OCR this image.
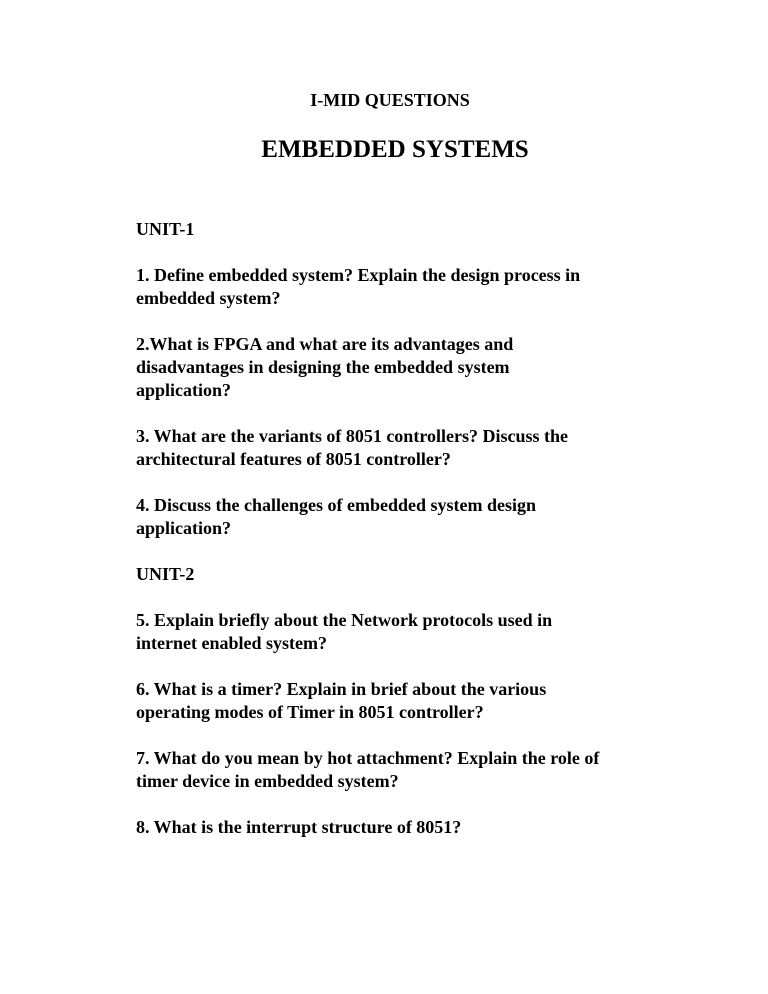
I-MID QUESTIONS
EMBEDDED SYSTEMS
UNIT-1
1. Define embedded system? Explain the design process in
embedded system?
2.What is FPGA and what are its advantages and
disadvantages in designing the embedded system
application?
3. What are the variants of 8051 controllers? Discuss the
architectural features of 8051 controller?
4. Discuss the challenges of embedded system design
application?
UNIT-2
5. Explain briefly about the Network protocols used in
internet enabled system?
6. What is a timer? Explain in brief about the various
operating modes of Timer in 8051 controller?
7. What do you mean by hot attachment? Explain the role of
timer device in embedded system?
8. What is the interrupt structure of 8051?
